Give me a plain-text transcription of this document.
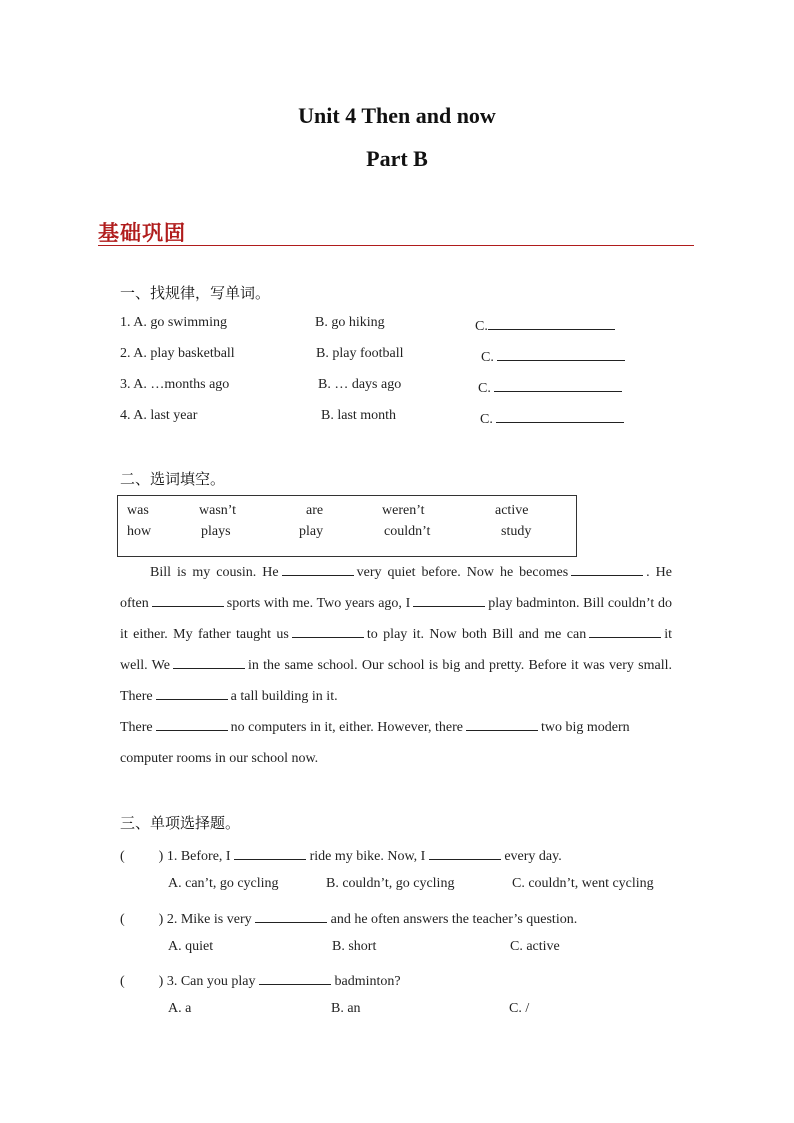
Unit 4 Then and now
Part B
基础巩固
一、找规律，写单词。
1. A. go swimming	B. go hiking	C.
2. A. play basketball	B. play football	C.
3. A. …months ago	B. … days ago	C.
4. A. last year	B. last month	C.
二、选词填空。
was	wasn’t	are	weren’t	active
how	plays	play	couldn’t	study
Bill is my cousin. He	very quiet before. Now he becomes	. He often	sports with me. Two years ago, I	play badminton. Bill couldn’t do it either. My father taught us	to play it. Now both Bill and me can	it well. We	in the same school. Our school is big and pretty. Before it was very small. There	a tall building in it.
There	no computers in it, either. However, there	two big modern
computer rooms in our school now.
三、单项选择题。
( ) 1. Before, I	ride my bike. Now, I	every day.
A. can’t, go cycling	B. couldn’t, go cycling	C. couldn’t, went cycling
( ) 2. Mike is very	and he often answers the teacher’s question.
A. quiet	B. short	C. active
( ) 3. Can you play	badminton?
A. a	B. an	C. /
